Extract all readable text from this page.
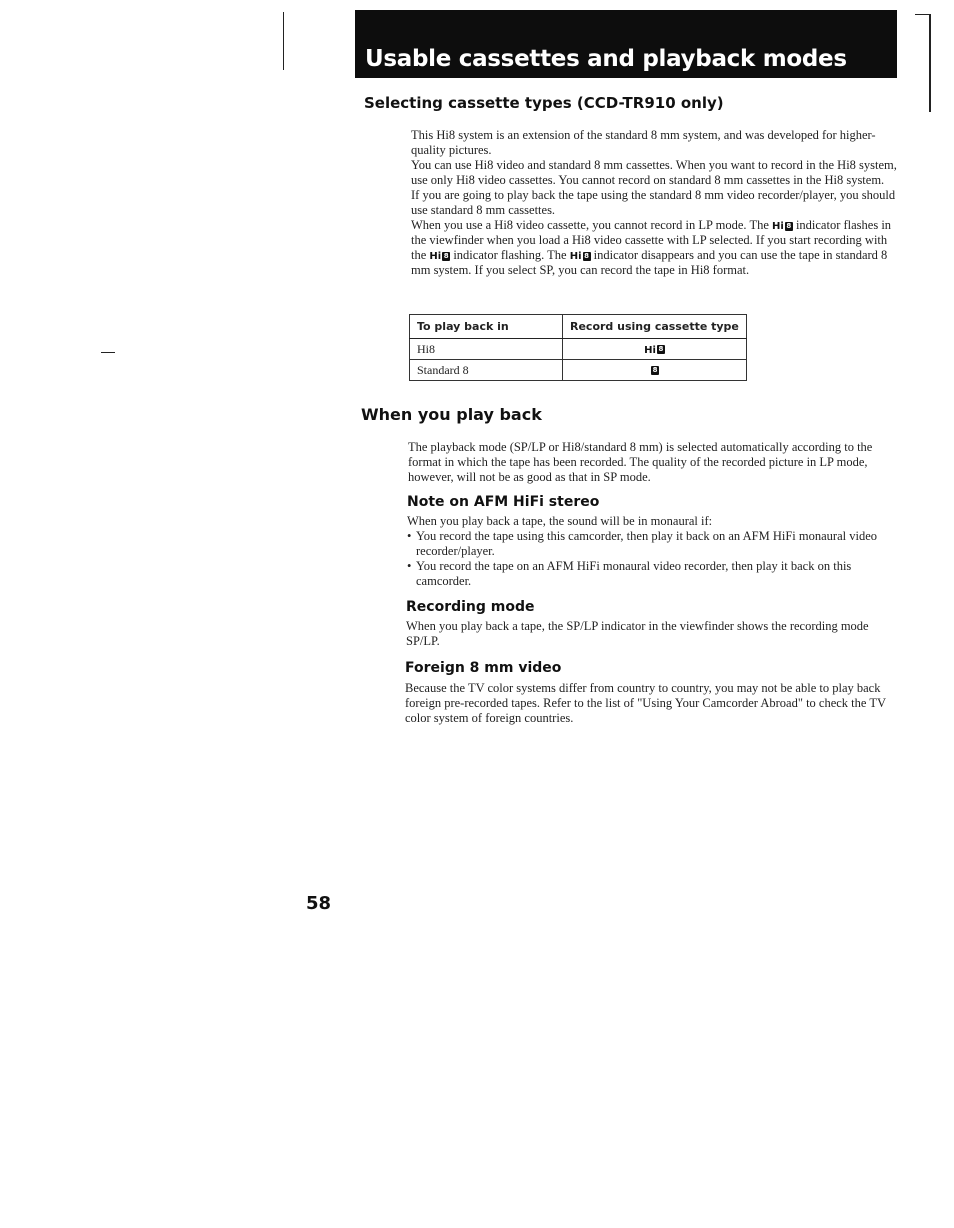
Usable cassettes and playback modes
Selecting cassette types (CCD-TR910 only)

This Hi8 system is an extension of the standard 8 mm system, and was developed for higher-quality pictures.

You can use Hi8 video and standard 8 mm cassettes. When you want to record in the Hi8 system, use only Hi8 video cassettes. You cannot record on standard 8 mm cassettes in the Hi8 system.

If you are going to play back the tape using the standard 8 mm video recorder/player, you should use standard 8 mm cassettes.

When you use a Hi8 video cassette, you cannot record in LP mode. The Hi 8 indicator flashes in the viewfinder when you load a Hi8 video cassette with LP selected. If you start recording with the Hi 8 indicator flashing. The Hi 8 indicator disappears and you can use the tape in standard 8 mm system. If you select SP, you can record the tape in Hi8 format.

To play back in	Record using cassette type
Hi8	Hi 8
Standard 8	8
When you play back

The playback mode (SP/LP or Hi8/standard 8 mm) is selected automatically according to the format in which the tape has been recorded. The quality of the recorded picture in LP mode, however, will not be as good as that in SP mode.

Note on AFM HiFi stereo

When you play back a tape, the sound will be in monaural if:

• You record the tape using this camcorder, then play it back on an AFM HiFi monaural video recorder/player.
• You record the tape on an AFM HiFi monaural video recorder, then play it back on this camcorder.
Recording mode

When you play back a tape, the SP/LP indicator in the viewfinder shows the recording mode SP/LP.

Foreign 8 mm video

Because the TV color systems differ from country to country, you may not be able to play back foreign pre-recorded tapes. Refer to the list of "Using Your Camcorder Abroad" to check the TV color system of foreign countries.

58
